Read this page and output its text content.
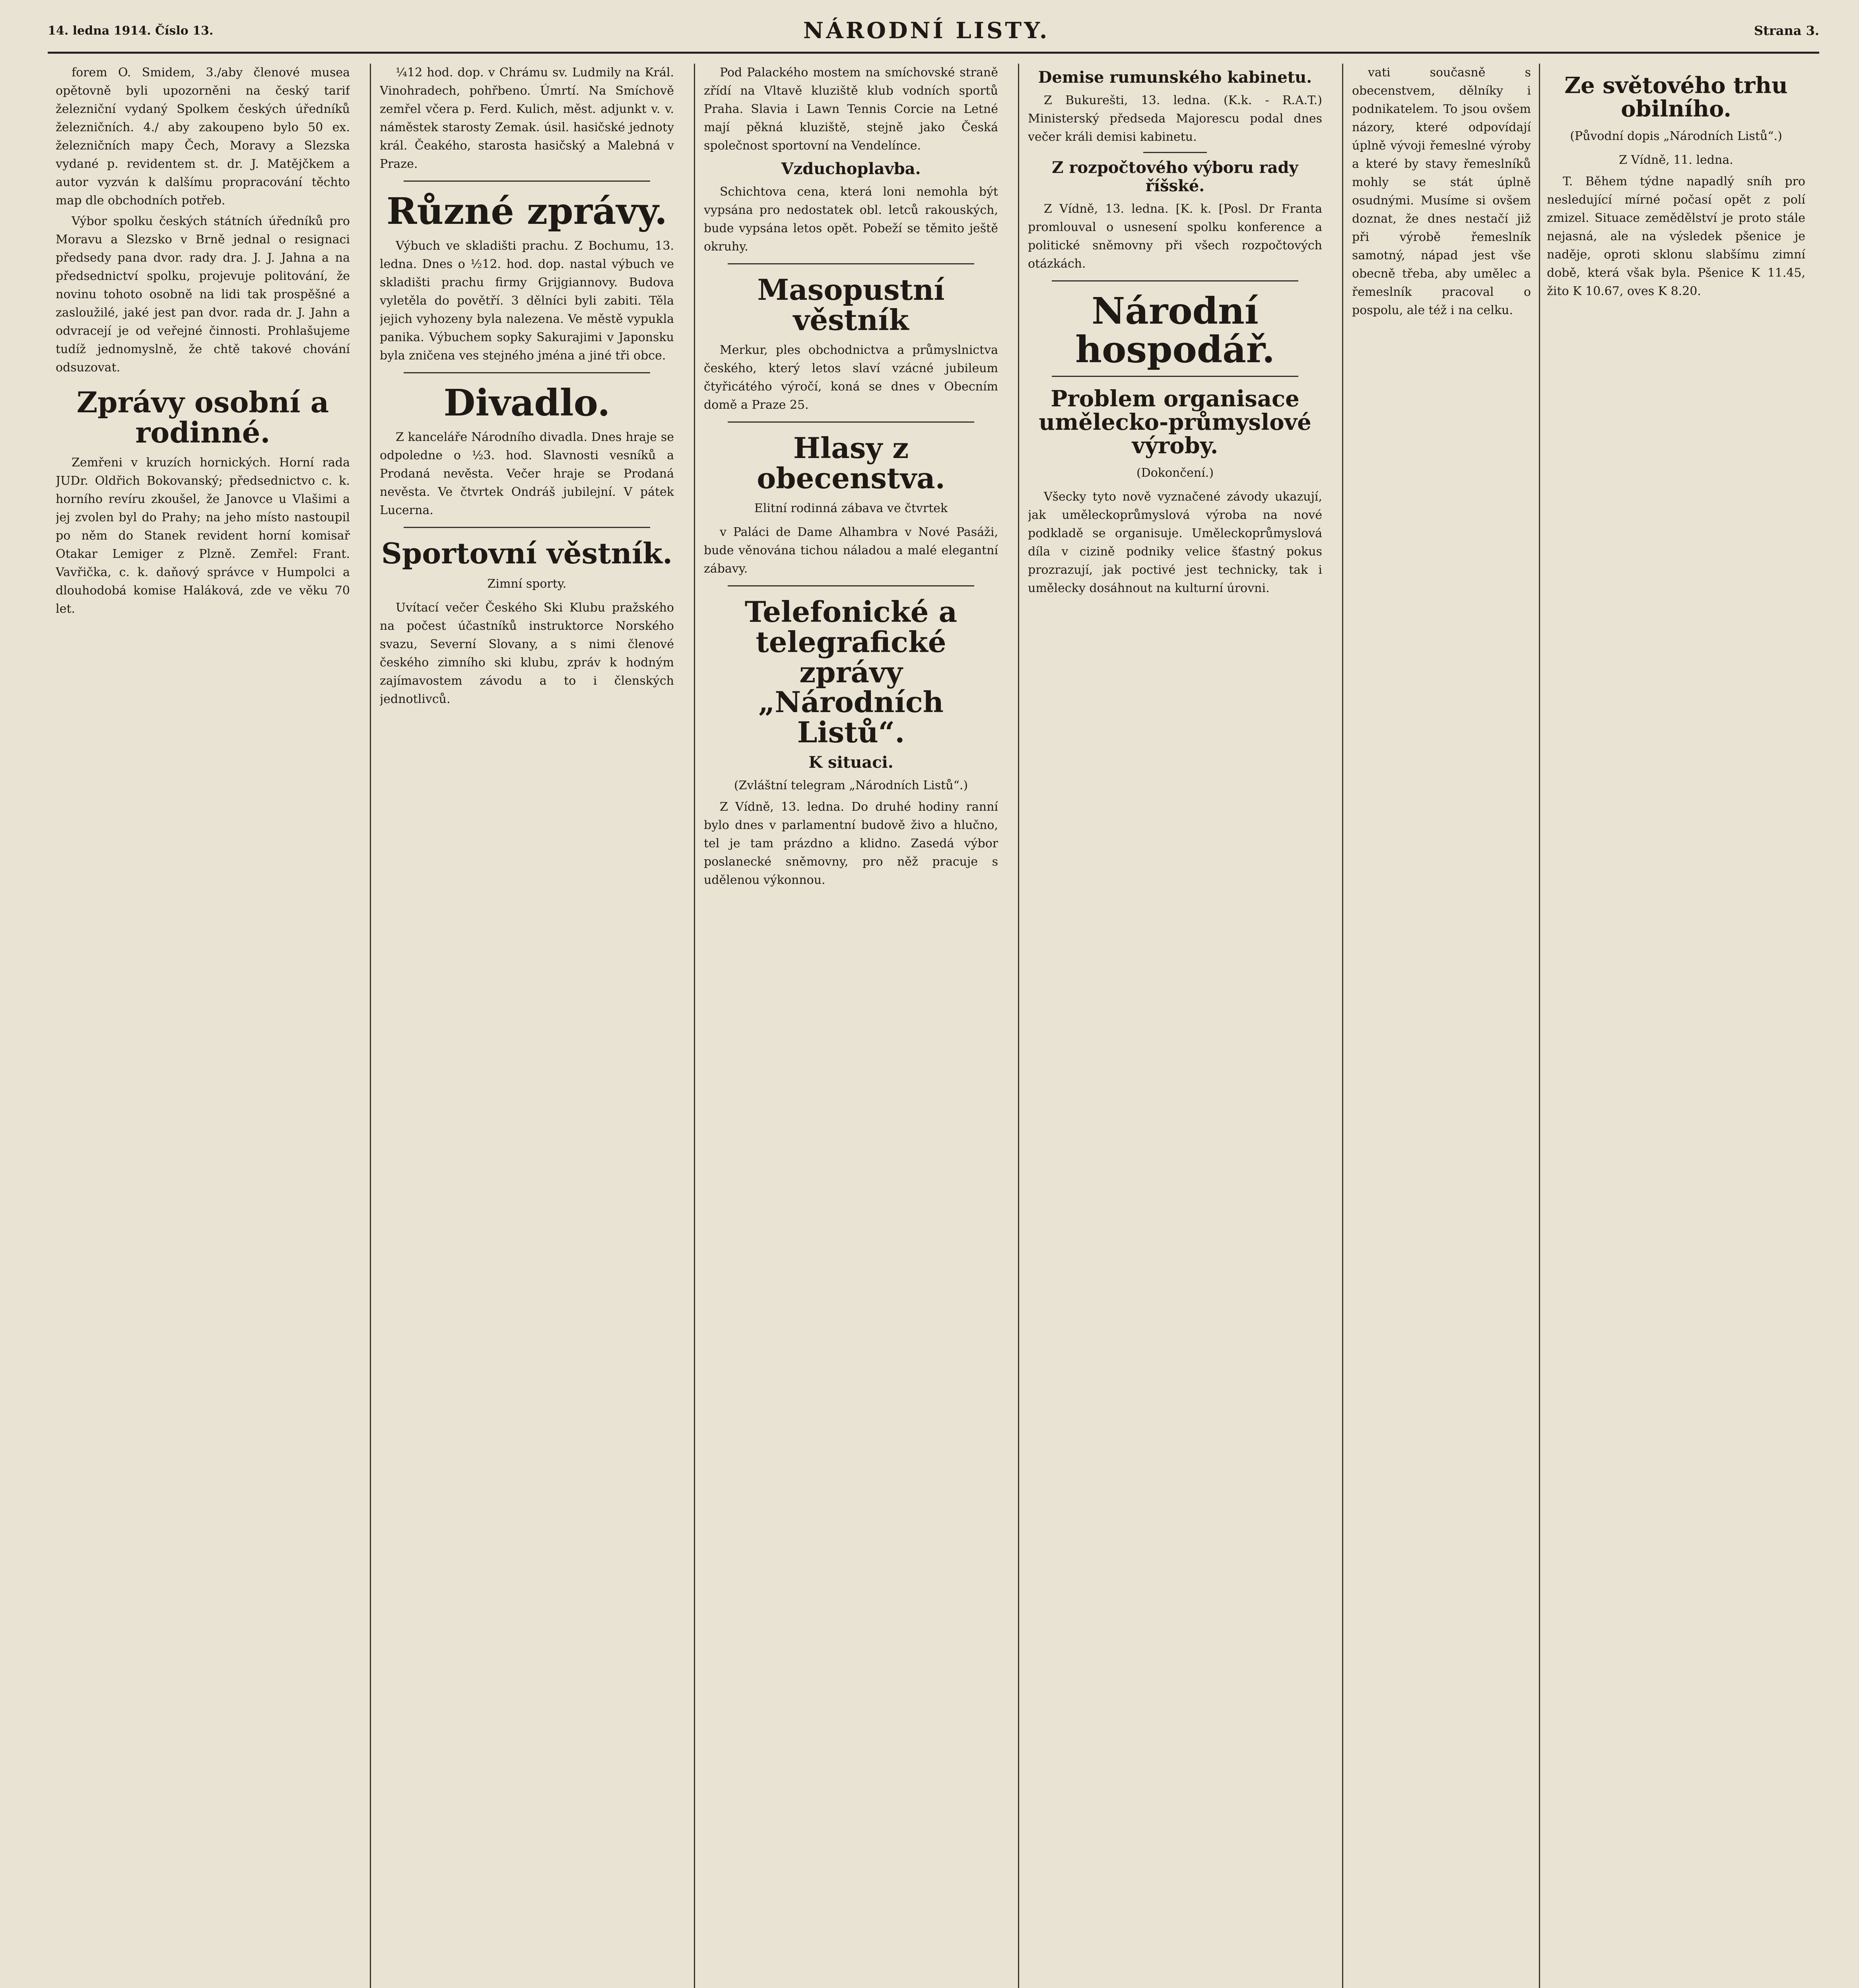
14. ledna 1914. Číslo 13.	NÁRODNÍ LISTY.	Strana 3.

forem O. Smidem, 3./aby členové musea opětovně byli upozorněni na český tarif železniční vydaný Spolkem českých úředníků železničních. 4./ aby zakoupeno bylo 50 ex. železničních mapy Čech, Moravy a Slezska vydané p. revidentem st. dr. J. Matějčkem a autor vyzván k dalšímu propracování těchto map dle obchodních potřeb.

Výbor spolku českých státních úředníků pro Moravu a Slezsko v Brně jednal o resignaci předsedy pana dvor. rady dra. J. J. Jahna a na předsednictví spolku, projevuje politování, že novinu tohoto osobně na lidi tak prospěšné a zasloužilé, jaké jest pan dvor. rada dr. J. Jahn a odvracejí je od veřejné činnosti. Prohlašujeme tudíž jednomyslně, že chtě takové chování odsuzovat.

Zprávy osobní a rodinné.

Zemřeni v kruzích hornických. Horní rada JUDr. Oldřich Bokovanský; předsednictvo c. k. horního revíru zkoušel, že Janovce u Vlašimi a jej zvolen byl do Prahy; na jeho místo nastoupil po něm do Stanek revident horní komisař Otakar Lemiger z Plzně. Zemřel: Frant. Vavřička, c. k. daňový správce v Humpolci a dlouhodobá komise Haláková, zde ve věku 70 let.

¼12 hod. dop. v Chrámu sv. Ludmily na Král. Vinohradech, pohřbeno. Úmrtí. Na Smíchově zemřel včera p. Ferd. Kulich, měst. adjunkt v. v. náměstek starosty Zemak. úsil. hasičské jednoty král. Čeakého, starosta hasičský a Malebná v Praze.

Různé zprávy.

Výbuch ve skladišti prachu. Z Bochumu, 13. ledna. Dnes o ½12. hod. dop. nastal výbuch ve skladišti prachu firmy Grijgiannovy. Budova vyletěla do povětří. 3 dělníci byli zabiti. Těla jejich vyhozeny byla nalezena. Ve městě vypukla panika. Výbuchem sopky Sakurajimi v Japonsku byla zničena ves stejného jména a jiné tři obce.

Divadlo.

Z kanceláře Národního divadla. Dnes hraje se odpoledne o ½3. hod. Slavnosti vesníků a Prodaná nevěsta. Večer hraje se Prodaná nevěsta. Ve čtvrtek Ondráš jubilejní. V pátek Lucerna.

Sportovní věstník.
Zimní sporty.

Uvítací večer Českého Ski Klubu pražského na počest účastníků instruktorce Norského svazu, Severní Slovany, a s nimi členové českého zimního ski klubu, zpráv k hodným zajímavostem závodu a to i členských jednotlivců.

Pod Palackého mostem na smíchovské straně zřídí na Vltavě kluziště klub vodních sportů Praha. Slavia i Lawn Tennis Corcie na Letné mají pěkná kluziště, stejně jako Česká společnost sportovní na Vendelínce.

Vzduchoplavba.

Schichtova cena, která loni nemohla být vypsána pro nedostatek obl. letců rakouských, bude vypsána letos opět. Pobeží se těmito ještě okruhy.

Masopustní věstník

Merkur, ples obchodnictva a průmyslnictva českého, který letos slaví vzácné jubileum čtyřicátého výročí, koná se dnes v Obecním domě a Praze 25.

Hlasy z obecenstva.
Elitní rodinná zábava ve čtvrtek

v Paláci de Dame Alhambra v Nové Pasáži, bude věnována tichou náladou a malé elegantní zábavy.

Telefonické a telegrafické zprávy „Národních Listů“.
K situaci.
(Zvláštní telegram „Národních Listů“.)

Z Vídně, 13. ledna. Do druhé hodiny ranní bylo dnes v parlamentní budově živo a hlučno, tel je tam prázdno a klidno. Zasedá výbor poslanecké sněmovny, pro něž pracuje s udělenou výkonnou.

Demise rumunského kabinetu.

Z Bukurešti, 13. ledna. (K.k. - R.A.T.) Ministerský předseda Majorescu podal dnes večer králi demisi kabinetu.

Z rozpočtového výboru rady říšské.

Z Vídně, 13. ledna. [K. k. [Posl. Dr Franta promlouval o usnesení spolku konference a politické sněmovny při všech rozpočtových otázkách.

Národní hospodář.
Problem organisace umělecko-průmyslové výroby.
(Dokončení.)

Všecky tyto nově vyznačené závody ukazují, jak uměleckoprůmyslová výroba na nové podkladě se organisuje. Uměleckoprůmyslová díla v cizině podniky velice šťastný pokus prozrazují, jak poctivé jest technicky, tak i umělecky dosáhnout na kulturní úrovni.

vati současně s obecenstvem, dělníky i podnikatelem. To jsou ovšem názory, které odpovídají úplně vývoji řemeslné výroby a které by stavy řemeslníků mohly se stát úplně osudnými. Musíme si ovšem doznat, že dnes nestačí již při výrobě řemeslník samotný, nápad jest vše obecně třeba, aby umělec a řemeslník pracoval o pospolu, ale též i na celku.

Ze světového trhu obilního.
(Původní dopis „Národních Listů“.)
Z Vídně, 11. ledna.

T. Během týdne napadlý sníh pro nesledující mírné počasí opět z polí zmizel. Situace zemědělství je proto stále nejasná, ale na výsledek pšenice je naděje, oproti sklonu slabšímu zimní době, která však byla. Pšenice K 11.45, žito K 10.67, oves K 8.20.
